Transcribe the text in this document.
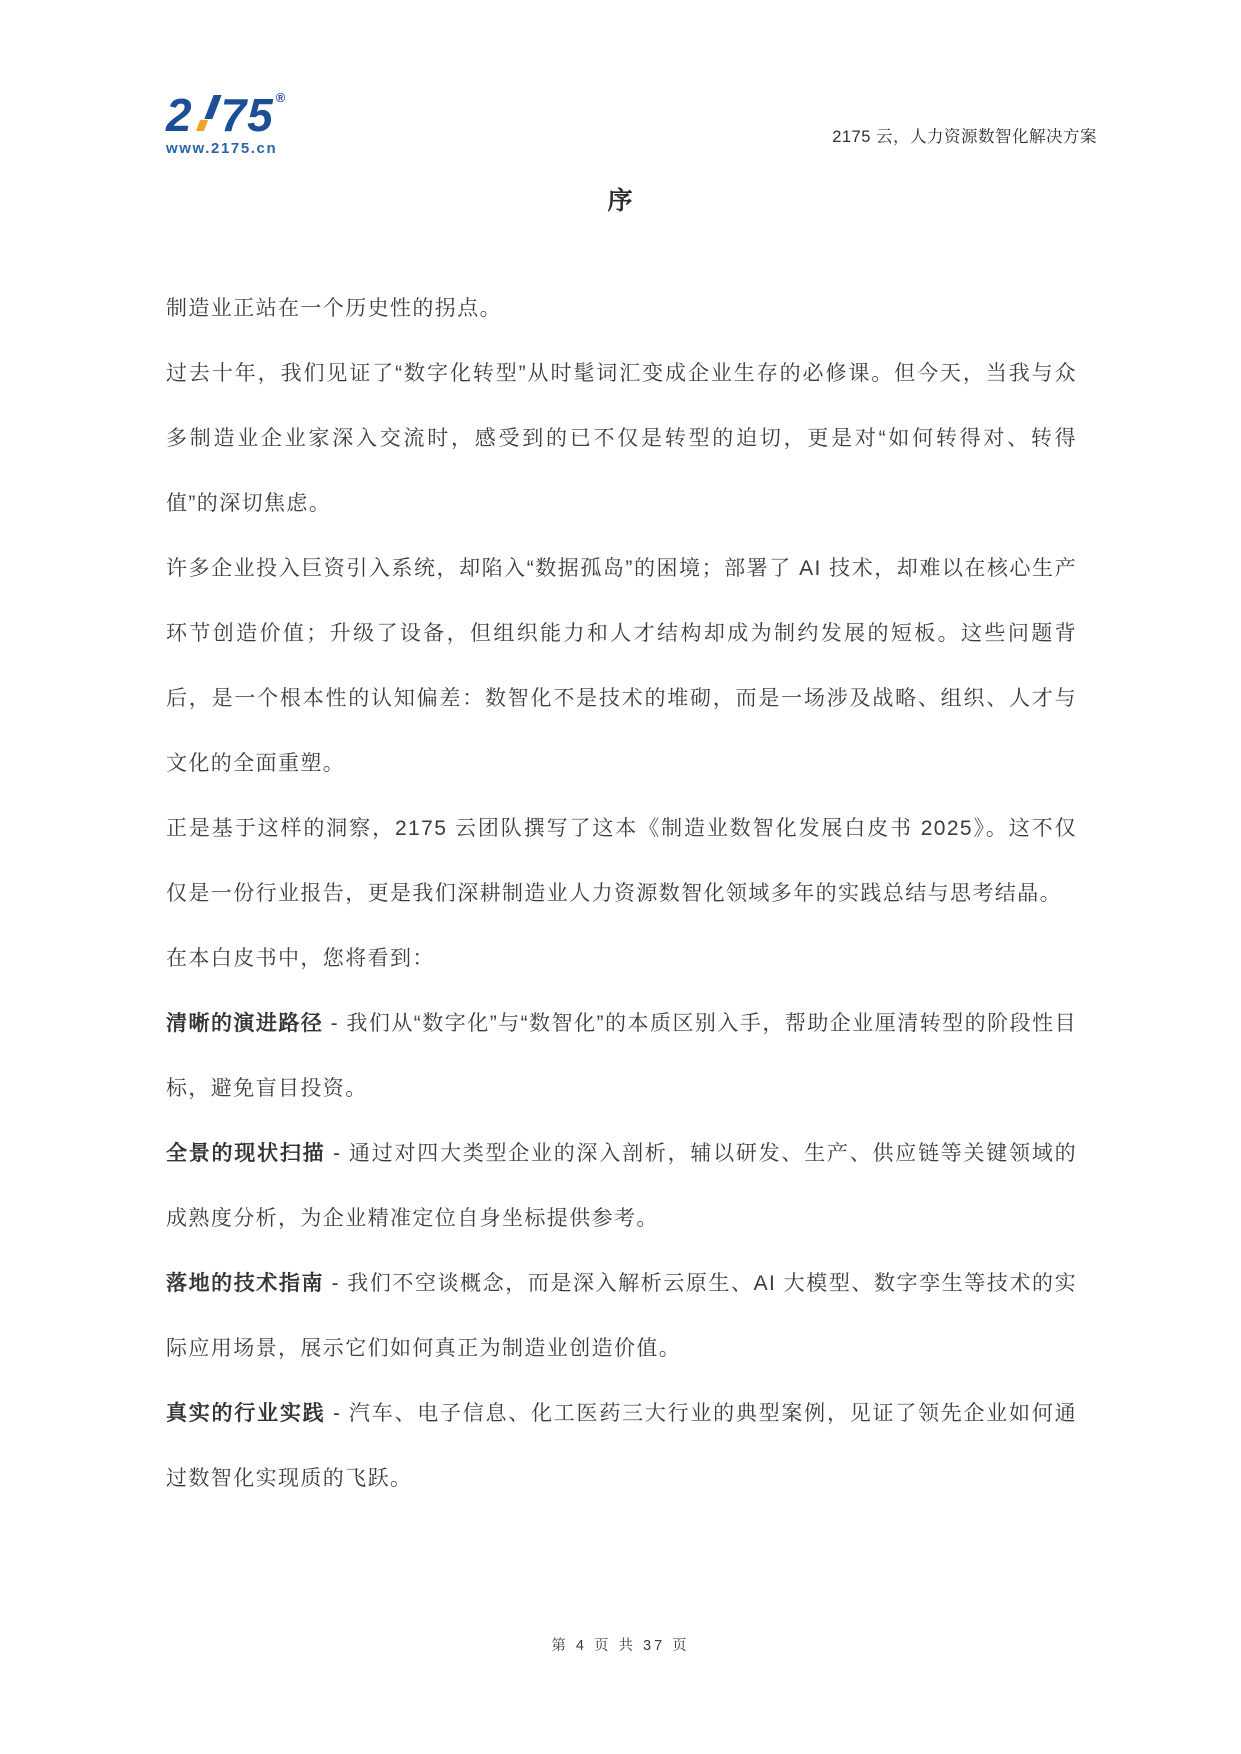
2 75 ®
www.2175.cn
2175 云，人力资源数智化解决方案
序

制造业正站在一个历史性的拐点。

过去十年，我们见证了“数字化转型”从时髦词汇变成企业生存的必修课。但今天，当我与众多制造业企业家深入交流时，感受到的已不仅是转型的迫切，更是对“如何转得对、转得值”的深切焦虑。

许多企业投入巨资引入系统，却陷入“数据孤岛”的困境；部署了 AI 技术，却难以在核心生产环节创造价值；升级了设备，但组织能力和人才结构却成为制约发展的短板。这些问题背后，是一个根本性的认知偏差：数智化不是技术的堆砌，而是一场涉及战略、组织、人才与文化的全面重塑。

正是基于这样的洞察，2175 云团队撰写了这本《制造业数智化发展白皮书 2025》。这不仅仅是一份行业报告，更是我们深耕制造业人力资源数智化领域多年的实践总结与思考结晶。

在本白皮书中，您将看到：

清晰的演进路径 - 我们从“数字化”与“数智化”的本质区别入手，帮助企业厘清转型的阶段性目标，避免盲目投资。

全景的现状扫描 - 通过对四大类型企业的深入剖析，辅以研发、生产、供应链等关键领域的成熟度分析，为企业精准定位自身坐标提供参考。

落地的技术指南 - 我们不空谈概念，而是深入解析云原生、AI 大模型、数字孪生等技术的实际应用场景，展示它们如何真正为制造业创造价值。

真实的行业实践 - 汽车、电子信息、化工医药三大行业的典型案例，见证了领先企业如何通过数智化实现质的飞跃。

第 4 页 共 37 页
